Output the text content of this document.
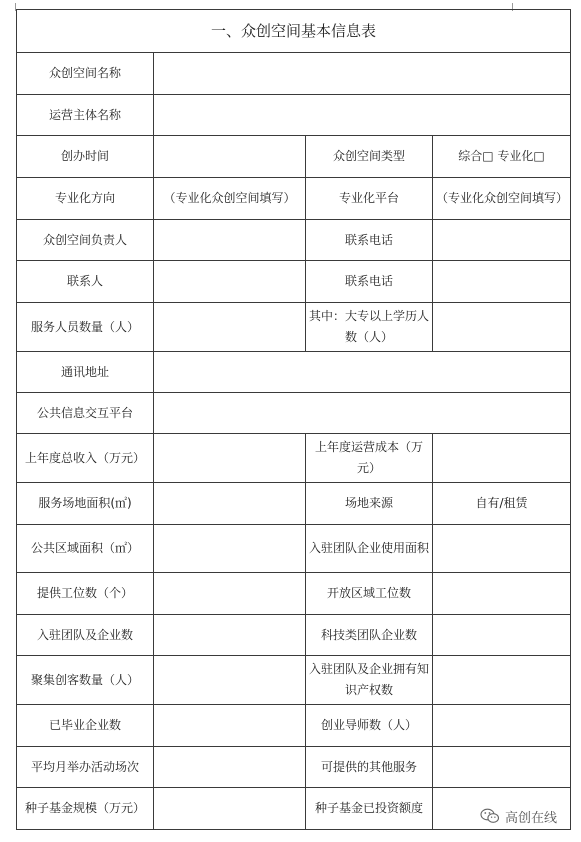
一、众创空间基本信息表			
众创空间名称			
运营主体名称			
创办时间		众创空间类型	综合□ 专业化□
专业化方向	（专业化众创空间填写）	专业化平台	（专业化众创空间填写）
众创空间负责人		联系电话	
联系人		联系电话	
服务人员数量（人）		其中：大专以上学历人数（人）	
通讯地址			
公共信息交互平台			
上年度总收入（万元）		上年度运营成本（万元）	
服务场地面积(㎡)		场地来源	自有/租赁
公共区域面积（㎡）		入驻团队企业使用面积	
提供工位数（个）		开放区域工位数	
入驻团队及企业数		科技类团队企业数	
聚集创客数量（人）		入驻团队及企业拥有知识产权数	
已毕业企业数		创业导师数（人）	
平均月举办活动场次		可提供的其他服务	
种子基金规模（万元）		种子基金已投资额度	
高创在线
